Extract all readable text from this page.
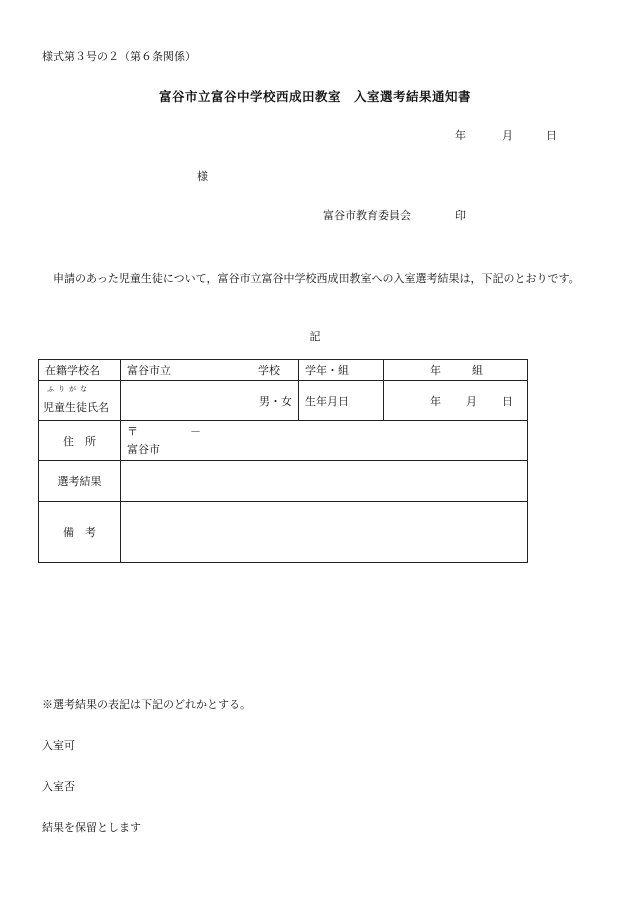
様式第３号の２（第６条関係）
富谷市立富谷中学校西成田教室　入室選考結果通知書
年	月	日
様
富谷市教育委員会	印
申請のあった児童生徒について，富谷市立富谷中学校西成田教室への入室選考結果は，下記のとおりです。
記
在籍学校名	富谷市立 学校	学年・組	年 組

ふりがな
児童生徒氏名	男・女	生年月日	年 月 日

住　所	〒 －
富谷市		

選考結果			
備　考			
※選考結果の表記は下記のどれかとする。
入室可
入室否
結果を保留とします
